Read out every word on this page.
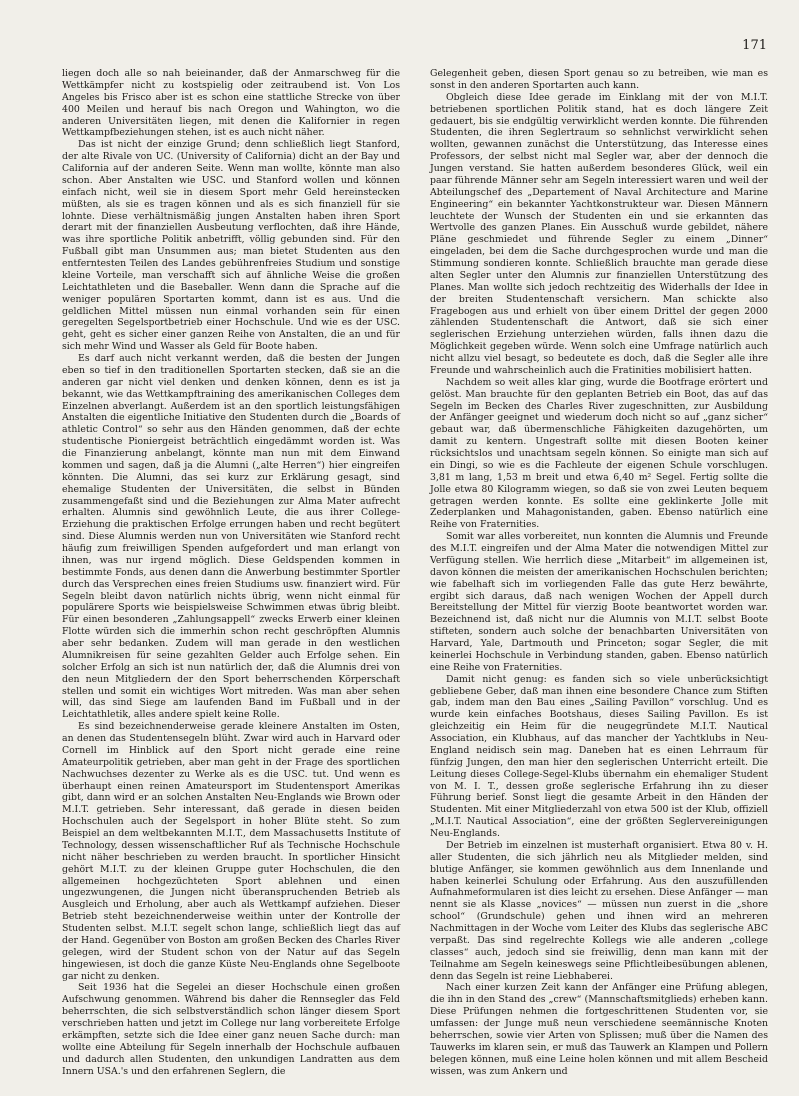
171

liegen doch alle so nah beieinander, daß der Anmarschweg für die Wettkämpfer nicht zu kostspielig oder zeitraubend ist. Von Los Angeles bis Frisco aber ist es schon eine stattliche Strecke von über 400 Meilen und herauf bis nach Oregon und Wahington, wo die anderen Universitäten liegen, mit denen die Kalifornier in regen Wettkampfbeziehungen stehen, ist es auch nicht näher.

Das ist nicht der einzige Grund; denn schließlich liegt Stanford, der alte Rivale von UC. (University of California) dicht an der Bay und California auf der anderen Seite. Wenn man wollte, könnte man also schon. Aber Anstalten wie USC. und Stanford wollen und können einfach nicht, weil sie in diesem Sport mehr Geld hereinstecken müßten, als sie es tragen können und als es sich finanziell für sie lohnte. Diese verhältnismäßig jungen Anstalten haben ihren Sport derart mit der finanziellen Ausbeutung verflochten, daß ihre Hände, was ihre sportliche Politik anbetrifft, völlig gebunden sind. Für den Fußball gibt man Unsummen aus; man bietet Studenten aus den entferntesten Teilen des Landes gebührenfreies Studium und sonstige kleine Vorteile, man verschafft sich auf ähnliche Weise die großen Leichtathleten und die Baseballer. Wenn dann die Sprache auf die weniger populären Sportarten kommt, dann ist es aus. Und die geldlichen Mittel müssen nun einmal vorhanden sein für einen geregelten Segelsportbetrieb einer Hochschule. Und wie es der USC. geht, geht es sicher einer ganzen Reihe von Anstalten, die an und für sich mehr Wind und Wasser als Geld für Boote haben.

Es darf auch nicht verkannt werden, daß die besten der Jungen eben so tief in den traditionellen Sportarten stecken, daß sie an die anderen gar nicht viel denken und denken können, denn es ist ja bekannt, wie das Wettkampftraining des amerikanischen Colleges dem Einzelnen abverlangt. Außerdem ist an den sportlich leistungsfähigen Anstalten die eigentliche Initiative den Studenten durch die „Boards of athletic Control“ so sehr aus den Händen genommen, daß der echte studentische Pioniergeist beträchtlich eingedämmt worden ist. Was die Finanzierung anbelangt, könnte man nun mit dem Einwand kommen und sagen, daß ja die Alumni („alte Herren“) hier eingreifen könnten. Die Alumni, das sei kurz zur Erklärung gesagt, sind ehemalige Studenten der Universitäten, die selbst in Bünden zusammengefaßt sind und die Beziehungen zur Alma Mater aufrecht erhalten. Alumnis sind gewöhnlich Leute, die aus ihrer College-Erziehung die praktischen Erfolge errungen haben und recht begütert sind. Diese Alumnis werden nun von Universitäten wie Stanford recht häufig zum freiwilligen Spenden aufgefordert und man erlangt von ihnen, was nur irgend möglich. Diese Geldspenden kommen in bestimmte Fonds, aus denen dann die Anwerbung bestimmter Sportler durch das Versprechen eines freien Studiums usw. finanziert wird. Für Segeln bleibt davon natürlich nichts übrig, wenn nicht einmal für populärere Sports wie beispielsweise Schwimmen etwas übrig bleibt. Für einen besonderen „Zahlungsappell“ zwecks Erwerb einer kleinen Flotte würden sich die immerhin schon recht geschröpften Alumnis aber sehr bedanken. Zudem will man gerade in den westlichen Alumnikreisen für seine gezahlten Gelder auch Erfolge sehen. Ein solcher Erfolg an sich ist nun natürlich der, daß die Alumnis drei von den neun Mitgliedern der den Sport beherrschenden Körperschaft stellen und somit ein wichtiges Wort mitreden. Was man aber sehen will, das sind Siege am laufenden Band im Fußball und in der Leichtathletik, alles andere spielt keine Rolle.

Es sind bezeichnenderweise gerade kleinere Anstalten im Osten, an denen das Studentensegeln blüht. Zwar wird auch in Harvard oder Cornell im Hinblick auf den Sport nicht gerade eine reine Amateurpolitik getrieben, aber man geht in der Frage des sportlichen Nachwuchses dezenter zu Werke als es die USC. tut. Und wenn es überhaupt einen reinen Amateursport im Studentensport Amerikas gibt, dann wird er an solchen Anstalten Neu-Englands wie Brown oder M.I.T. getrieben. Sehr interessant, daß gerade in diesen beiden Hochschulen auch der Segelsport in hoher Blüte steht. So zum Beispiel an dem weltbekannten M.I.T., dem Massachusetts Institute of Technology, dessen wissenschaftlicher Ruf als Technische Hochschule nicht näher beschrieben zu werden braucht. In sportlicher Hinsicht gehört M.I.T. zu der kleinen Gruppe guter Hochschulen, die den allgemeinen hochgezüchteten Sport ablehnen und einen ungezwungenen, die Jungen nicht überanspruchenden Betrieb als Ausgleich und Erholung, aber auch als Wettkampf aufziehen. Dieser Betrieb steht bezeichnenderweise weithin unter der Kontrolle der Studenten selbst. M.I.T. segelt schon lange, schließlich liegt das auf der Hand. Gegenüber von Boston am großen Becken des Charles River gelegen, wird der Student schon von der Natur auf das Segeln hingewiesen, ist doch die ganze Küste Neu-Englands ohne Segelboote gar nicht zu denken.

Seit 1936 hat die Segelei an dieser Hochschule einen großen Aufschwung genommen. Während bis daher die Rennsegler das Feld beherrschten, die sich selbstverständlich schon länger diesem Sport verschrieben hatten und jetzt im College nur lang vorbereitete Erfolge erkämpften, setzte sich die Idee einer ganz neuen Sache durch: man wollte eine Abteilung für Segeln innerhalb der Hochschule aufbauen und dadurch allen Studenten, den unkundigen Landratten aus dem Innern USA.'s und den erfahrenen Seglern, die

Gelegenheit geben, diesen Sport genau so zu betreiben, wie man es sonst in den anderen Sportarten auch kann.

Obgleich diese Idee gerade im Einklang mit der von M.I.T. betriebenen sportlichen Politik stand, hat es doch längere Zeit gedauert, bis sie endgültig verwirklicht werden konnte. Die führenden Studenten, die ihren Seglertraum so sehnlichst verwirklicht sehen wollten, gewannen zunächst die Unterstützung, das Interesse eines Professors, der selbst nicht mal Segler war, aber der dennoch die Jungen verstand. Sie hatten außerdem besonderes Glück, weil ein paar führende Männer sehr am Segeln interessiert waren und weil der Abteilungschef des „Departement of Naval Architecture and Marine Engineering“ ein bekannter Yachtkonstrukteur war. Diesen Männern leuchtete der Wunsch der Studenten ein und sie erkannten das Wertvolle des ganzen Planes. Ein Ausschuß wurde gebildet, nähere Pläne geschmiedet und führende Segler zu einem „Dinner“ eingeladen, bei dem die Sache durchgesprochen wurde und man die Stimmung sondieren konnte. Schließlich brauchte man gerade diese alten Segler unter den Alumnis zur finanziellen Unterstützung des Planes. Man wollte sich jedoch rechtzeitig des Widerhalls der Idee in der breiten Studentenschaft versichern. Man schickte also Fragebogen aus und erhielt von über einem Drittel der gegen 2000 zählenden Studentenschaft die Antwort, daß sie sich einer seglerischen Erziehung unterziehen würden, falls ihnen dazu die Möglichkeit gegeben würde. Wenn solch eine Umfrage natürlich auch nicht allzu viel besagt, so bedeutete es doch, daß die Segler alle ihre Freunde und wahrscheinlich auch die Fratinities mobilisiert hatten.

Nachdem so weit alles klar ging, wurde die Bootfrage erörtert und gelöst. Man brauchte für den geplanten Betrieb ein Boot, das auf das Segeln im Becken des Charles River zugeschnitten, zur Ausbildung der Anfänger geeignet und wiederum doch nicht so auf „ganz sicher“ gebaut war, daß übermenschliche Fähigkeiten dazugehörten, um damit zu kentern. Ungestraft sollte mit diesen Booten keiner rücksichtslos und unachtsam segeln können. So einigte man sich auf ein Dingi, so wie es die Fachleute der eigenen Schule vorschlugen. 3,81 m lang, 1,53 m breit und etwa 6,40 m² Segel. Fertig sollte die Jolle etwa 80 Kilogramm wiegen, so daß sie von zwei Leuten bequem getragen werden konnte. Es sollte eine geklinkerte Jolle mit Zederplanken und Mahagonistanden, gaben. Ebenso natürlich eine Reihe von Fraternities.

Somit war alles vorbereitet, nun konnten die Alumnis und Freunde des M.I.T. eingreifen und der Alma Mater die notwendigen Mittel zur Verfügung stellen. Wie herrlich diese „Mitarbeit“ im allgemeinen ist, davon können die meisten der amerikanischen Hochschulen berichten; wie fabelhaft sich im vorliegenden Falle das gute Herz bewährte, ergibt sich daraus, daß nach wenigen Wochen der Appell durch Bereitstellung der Mittel für vierzig Boote beantwortet worden war. Bezeichnend ist, daß nicht nur die Alumnis von M.I.T. selbst Boote stifteten, sondern auch solche der benachbarten Universitäten von Harvard, Yale, Dartmouth und Princeton; sogar Segler, die mit keinerlei Hochschule in Verbindung standen, gaben. Ebenso natürlich eine Reihe von Fraternities.

Damit nicht genug: es fanden sich so viele unberücksichtigt gebliebene Geber, daß man ihnen eine besondere Chance zum Stiften gab, indem man den Bau eines „Sailing Pavillon“ vorschlug. Und es wurde kein einfaches Bootshaus, dieses Sailing Pavillon. Es ist gleichzeitig ein Heim für die neugegründete M.I.T. Nautical Association, ein Klubhaus, auf das mancher der Yachtklubs in Neu-England neidisch sein mag. Daneben hat es einen Lehrraum für fünfzig Jungen, den man hier den seglerischen Unterricht erteilt. Die Leitung dieses College-Segel-Klubs übernahm ein ehemaliger Student von M. I. T., dessen große seglerische Erfahrung ihn zu dieser Führung berief. Sonst liegt die gesamte Arbeit in den Händen der Studenten. Mit einer Mitgliederzahl von etwa 500 ist der Klub, offiziell „M.I.T. Nautical Association“, eine der größten Seglervereinigungen Neu-Englands.

Der Betrieb im einzelnen ist musterhaft organisiert. Etwa 80 v. H. aller Studenten, die sich jährlich neu als Mitglieder melden, sind blutige Anfänger, sie kommen gewöhnlich aus dem Innenlande und haben keinerlei Schulung oder Erfahrung. Aus den auszufüllenden Aufnahmeformularen ist dies leicht zu ersehen. Diese Anfänger — man nennt sie als Klasse „novices“ — müssen nun zuerst in die „shore school“ (Grundschule) gehen und ihnen wird an mehreren Nachmittagen in der Woche vom Leiter des Klubs das seglerische ABC verpaßt. Das sind regelrechte Kollegs wie alle anderen „college classes“ auch, jedoch sind sie freiwillig, denn man kann mit der Teilnahme am Segeln keineswegs seine Pflichtleibesübungen ablenen, denn das Segeln ist reine Liebhaberei.

Nach einer kurzen Zeit kann der Anfänger eine Prüfung ablegen, die ihn in den Stand des „crew“ (Mannschaftsmitglieds) erheben kann. Diese Prüfungen nehmen die fortgeschrittenen Studenten vor, sie umfassen: der Junge muß neun verschiedene seemännische Knoten beherrschen, sowie vier Arten von Splissen; muß über die Namen des Tauwerks im klaren sein, er muß das Tauwerk an Klampen und Pollern belegen können, muß eine Leine holen können und mit allem Bescheid wissen, was zum Ankern und
